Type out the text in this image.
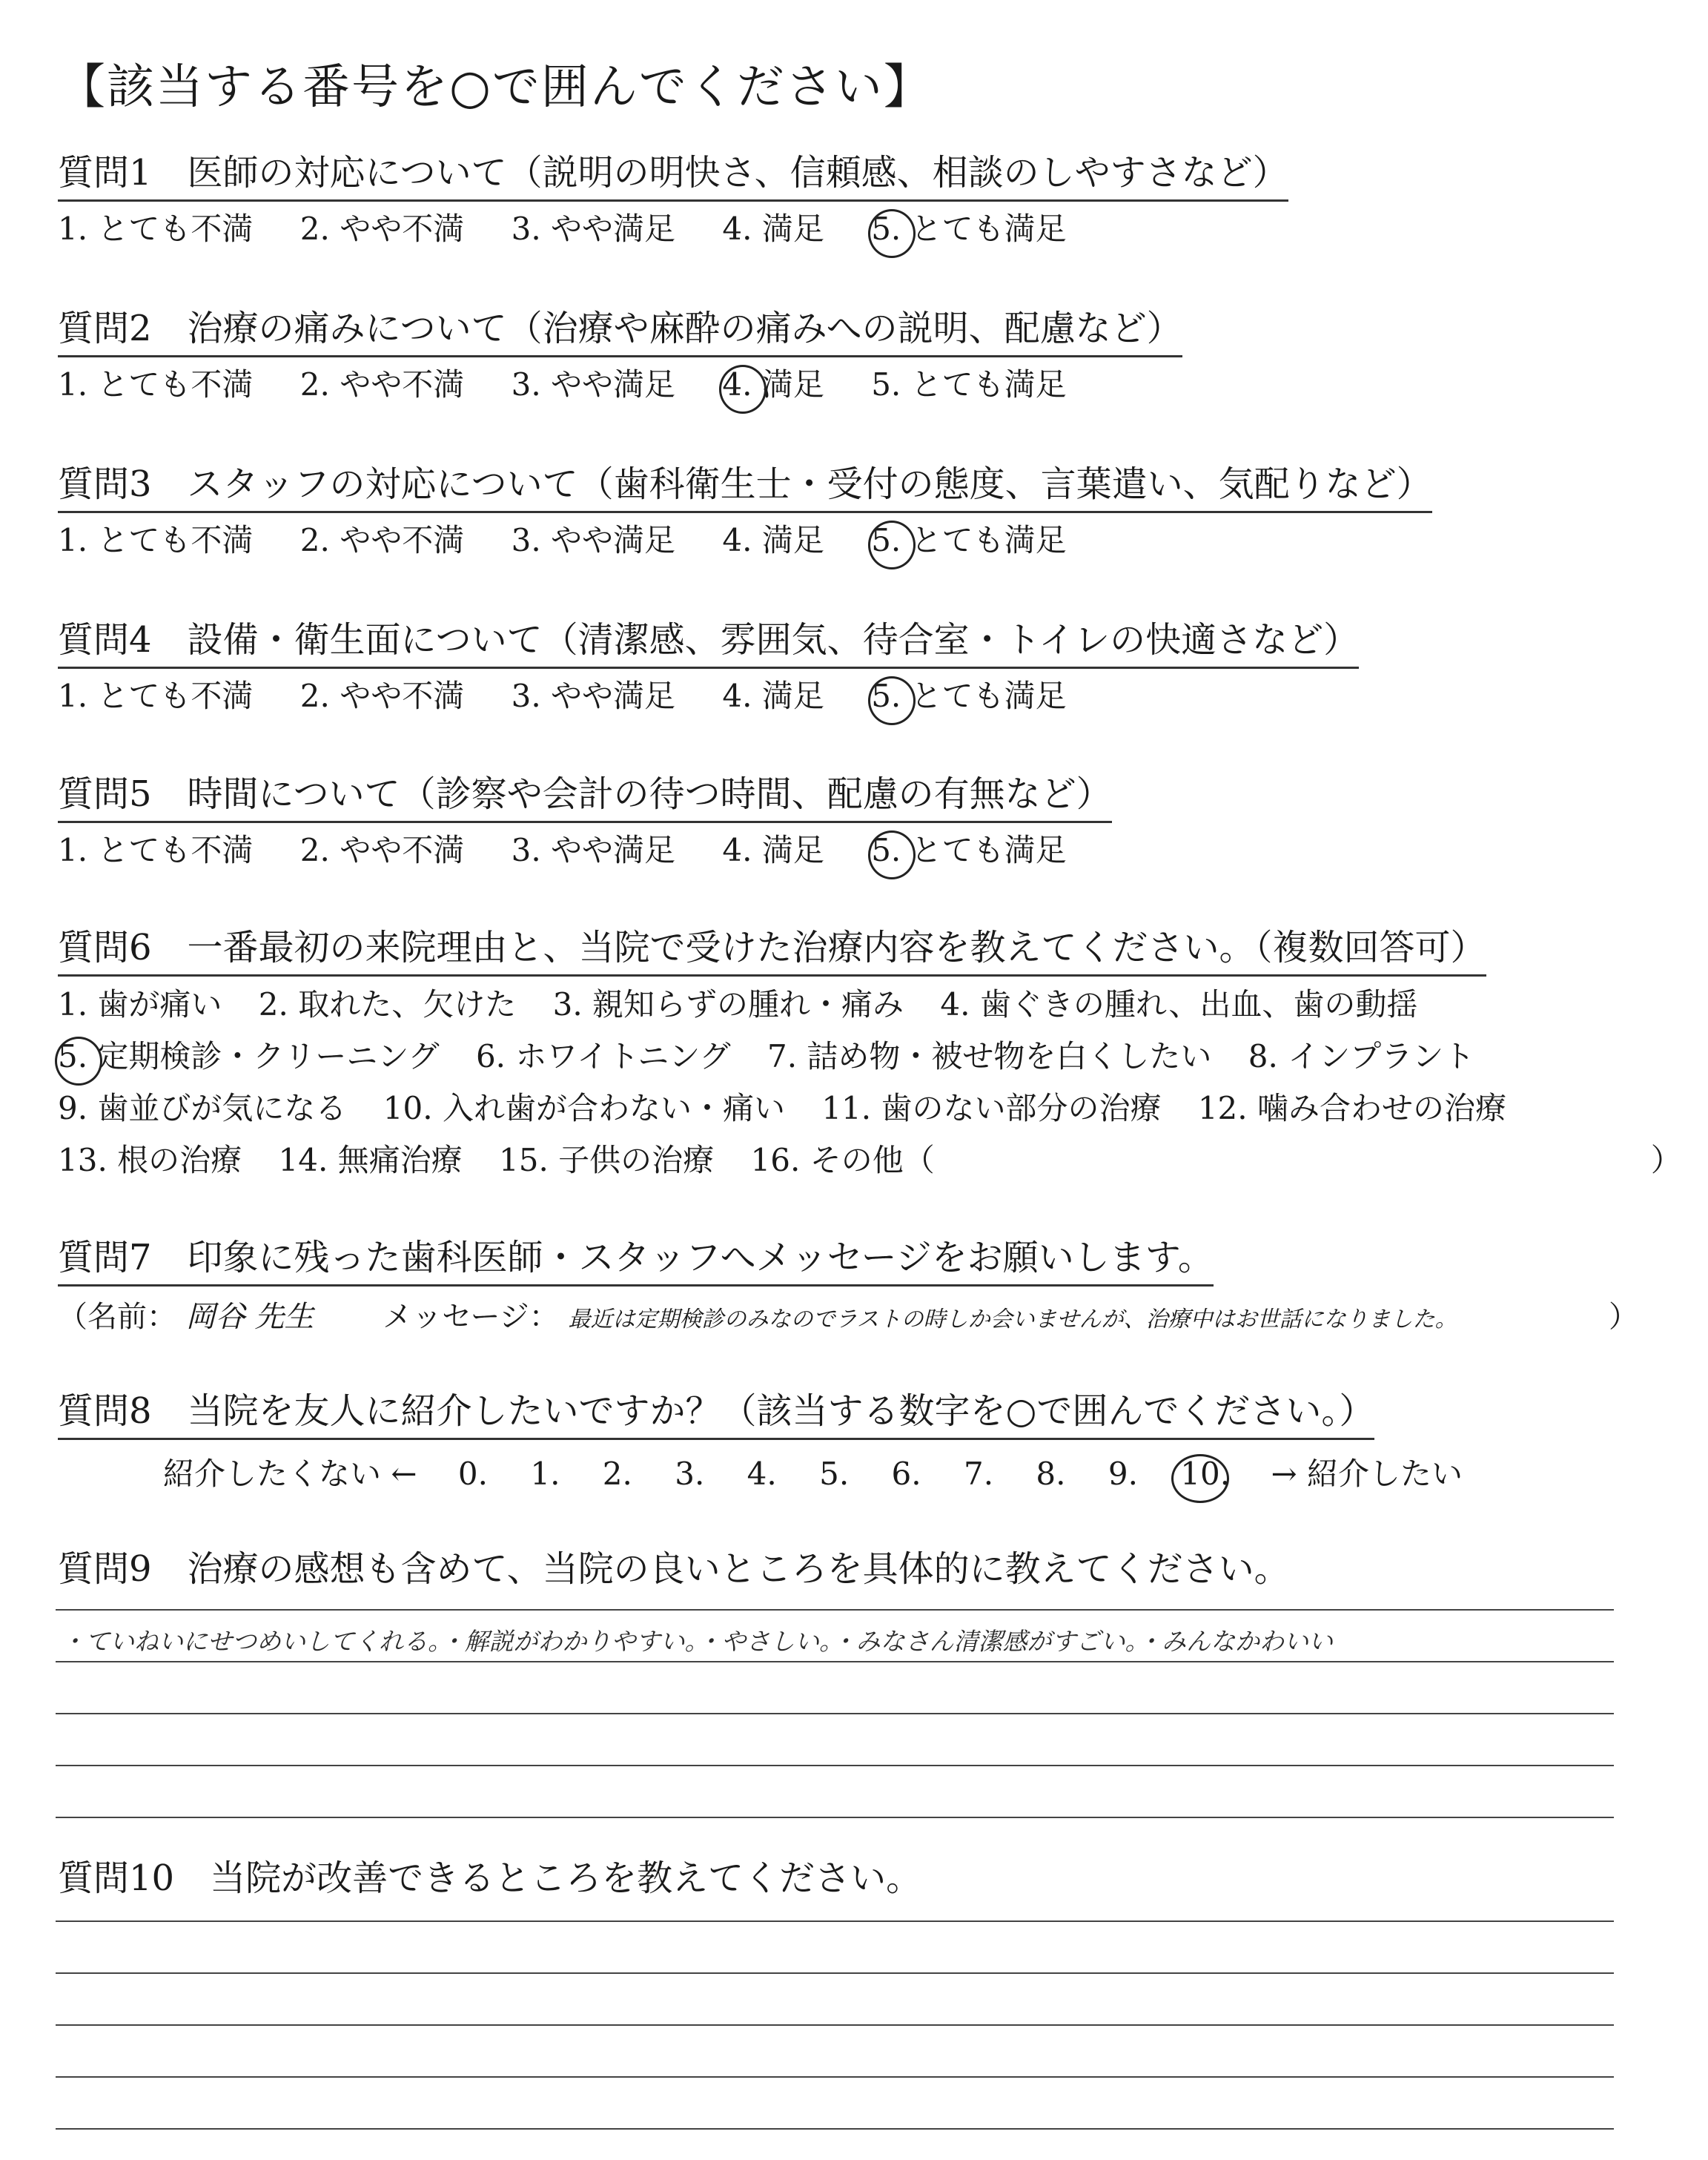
【該当する番号を○で囲んでください】
質問1　医師の対応について（説明の明快さ、信頼感、相談のしやすさなど）
1. とても不満 2. やや不満 3. やや満足 4. 満足 5. とても満足
質問2　治療の痛みについて（治療や麻酔の痛みへの説明、配慮など）
1. とても不満 2. やや不満 3. やや満足 4. 満足 5. とても満足
質問3　スタッフの対応について（歯科衛生士・受付の態度、言葉遣い、気配りなど）
1. とても不満 2. やや不満 3. やや満足 4. 満足 5. とても満足
質問4　設備・衛生面について（清潔感、雰囲気、待合室・トイレの快適さなど）
1. とても不満 2. やや不満 3. やや満足 4. 満足 5. とても満足
質問5　時間について（診察や会計の待つ時間、配慮の有無など）
1. とても不満 2. やや不満 3. やや満足 4. 満足 5. とても満足
質問6　一番最初の来院理由と、当院で受けた治療内容を教えてください。（複数回答可）
1. 歯が痛い 2. 取れた、欠けた 3. 親知らずの腫れ・痛み 4. 歯ぐきの腫れ、出血、歯の動揺
5. 定期検診・クリーニング 6. ホワイトニング 7. 詰め物・被せ物を白くしたい 8. インプラント
9. 歯並びが気になる 10. 入れ歯が合わない・痛い 11. 歯のない部分の治療 12. 噛み合わせの治療
13. 根の治療 14. 無痛治療 15. 子供の治療 16. その他（　　　　　　　　　　　　　　　　　　　　　　　）
質問7　印象に残った歯科医師・スタッフへメッセージをお願いします。
（名前： 岡谷 先生 メッセージ： 最近は定期検診のみなのでラストの時しか会いませんが、治療中はお世話になりました。	）
質問8　当院を友人に紹介したいですか？（該当する数字を○で囲んでください。）
紹介したくない ← 0. 1. 2. 3. 4. 5. 6. 7. 8. 9. 10. → 紹介したい
質問9　治療の感想も含めて、当院の良いところを具体的に教えてください。
・ていねいにせつめいしてくれる。・解説がわかりやすい。・やさしい。・みなさん清潔感がすごい。・みんなかわいい
質問10　当院が改善できるところを教えてください。
